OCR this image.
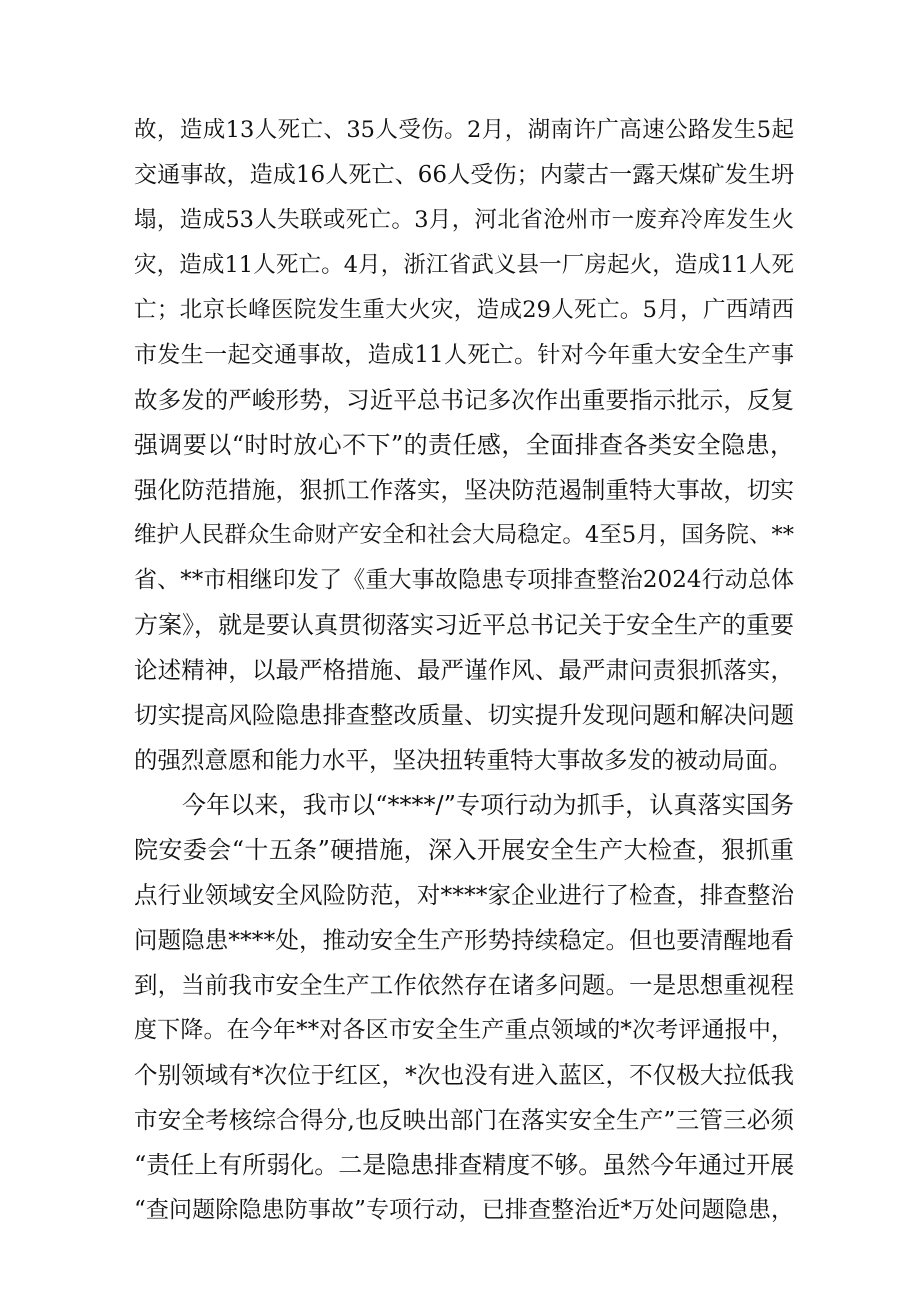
故，造成13人死亡、35人受伤。2月，湖南许广高速公路发生5起
交通事故，造成16人死亡、66人受伤；内蒙古一露天煤矿发生坍
塌，造成53人失联或死亡。3月，河北省沧州市一废弃冷库发生火
灾，造成11人死亡。4月，浙江省武义县一厂房起火，造成11人死
亡；北京长峰医院发生重大火灾，造成29人死亡。5月，广西靖西
市发生一起交通事故，造成11人死亡。针对今年重大安全生产事
故多发的严峻形势，习近平总书记多次作出重要指示批示，反复
强调要以“时时放心不下”的责任感，全面排查各类安全隐患，
强化防范措施，狠抓工作落实，坚决防范遏制重特大事故，切实
维护人民群众生命财产安全和社会大局稳定。4至5月，国务院、**
省、**市相继印发了《重大事故隐患专项排查整治2024行动总体
方案》，就是要认真贯彻落实习近平总书记关于安全生产的重要
论述精神，以最严格措施、最严谨作风、最严肃问责狠抓落实，
切实提高风险隐患排查整改质量、切实提升发现问题和解决问题
的强烈意愿和能力水平，坚决扭转重特大事故多发的被动局面。
今年以来，我市以“****/”专项行动为抓手，认真落实国务
院安委会“十五条”硬措施，深入开展安全生产大检查，狠抓重
点行业领域安全风险防范，对****家企业进行了检查，排查整治
问题隐患****处，推动安全生产形势持续稳定。但也要清醒地看
到，当前我市安全生产工作依然存在诸多问题。一是思想重视程
度下降。在今年**对各区市安全生产重点领域的*次考评通报中，
个别领域有*次位于红区，*次也没有进入蓝区，不仅极大拉低我
市安全考核综合得分,也反映出部门在落实安全生产”三管三必须
“责任上有所弱化。二是隐患排查精度不够。虽然今年通过开展
“查问题除隐患防事故”专项行动，已排查整治近*万处问题隐患，
